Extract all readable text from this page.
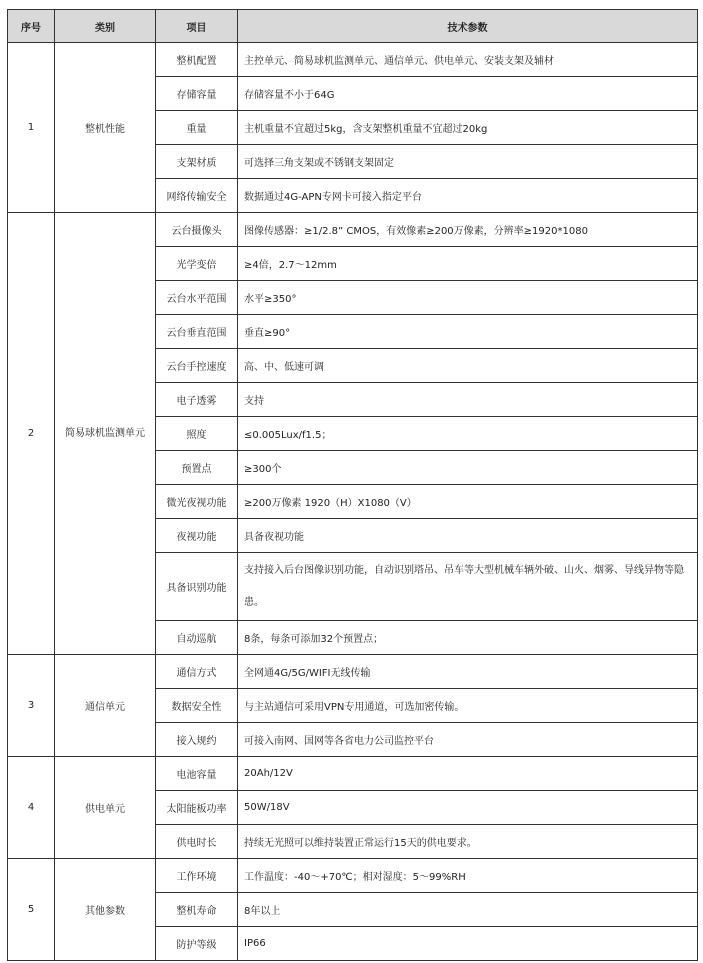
序号	类别	项目	技术参数
1	整机性能	整机配置	主控单元、简易球机监测单元、通信单元、供电单元、安装支架及辅材
		存储容量	存储容量不小于64G
		重量	主机重量不宜超过5kg，含支架整机重量不宜超过20kg
		支架材质	可选择三角支架或不锈钢支架固定
		网络传输安全	数据通过4G-APN专网卡可接入指定平台
2	简易球机监测单元	云台摄像头	图像传感器：≥1/2.8” CMOS，有效像素≥200万像素，分辨率≥1920*1080
		光学变倍	≥4倍，2.7～12mm
		云台水平范围	水平≥350°
		云台垂直范围	垂直≥90°
		云台手控速度	高、中、低速可调
		电子透雾	支持
		照度	≤0.005Lux/f1.5；
		预置点	≥300个
		微光夜视功能	≥200万像素 1920（H）X1080（V）
		夜视功能	具备夜视功能
		具备识别功能	支持接入后台图像识别功能，自动识别塔吊、吊车等大型机械车辆外破、山火、烟雾、导线异物等隐患。
		自动巡航	8条，每条可添加32个预置点；
3	通信单元	通信方式	全网通4G/5G/WIFI无线传输
		数据安全性	与主站通信可采用VPN专用通道，可选加密传输。
		接入规约	可接入南网、国网等各省电力公司监控平台
4	供电单元	电池容量	20Ah/12V
		太阳能板功率	50W/18V
		供电时长	持续无光照可以维持装置正常运行15天的供电要求。
5	其他参数	工作环境	工作温度：-40～+70℃；相对湿度：5～99%RH
		整机寿命	8年以上
		防护等级	IP66
